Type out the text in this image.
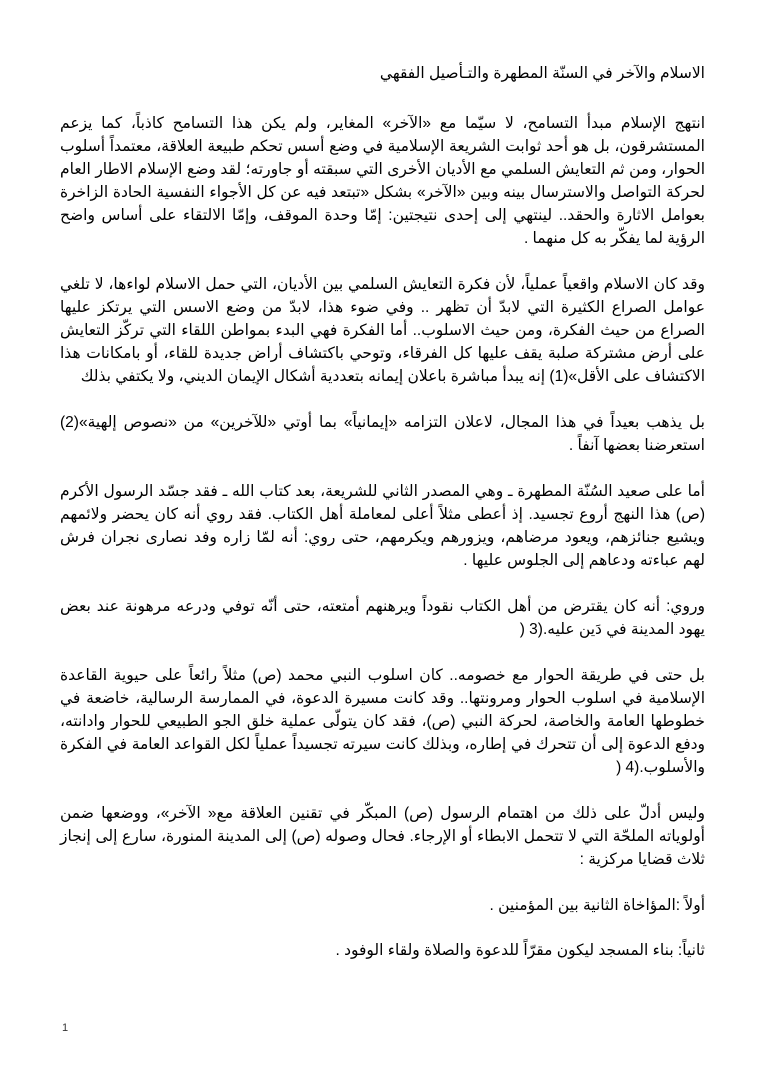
الاسلام والآخر في السنّة المطهرة والتـأصيل الفقهي

انتهج الإسلام مبدأ التسامح، لا سيّما مع «الآخر» المغاير، ولم يكن هذا التسامح كاذباً، كما يزعم المستشرقون، بل هو أحد ثوابت الشريعة الإسلامية في وضع أسس تحكم طبيعة العلاقة، معتمداً أسلوب الحوار، ومن ثم التعايش السلمي مع الأديان الأخرى التي سبقته أو جاورته؛ لقد وضع الإسلام الاطار العام لحركة التواصل والاسترسال بينه وبين «الآخر» بشكل «تبتعد فيه عن كل الأجواء النفسية الحادة الزاخرة بعوامل الاثارة والحقد.. لينتهي إلى إحدى نتيجتين: إمّا وحدة الموقف، وإمّا الالتقاء على أساس واضح الرؤية لما يفكّر به كل منهما .

وقد كان الاسلام واقعياً عملياً، لأن فكرة التعايش السلمي بين الأديان، التي حمل الاسلام لواءها، لا تلغي عوامل الصراع الكثيرة التي لابدّ أن تظهر .. وفي ضوء هذا، لابدّ من وضع الاسس التي يرتكز عليها الصراع من حيث الفكرة، ومن حيث الاسلوب.. أما الفكرة فهي البدء بمواطن اللقاء التي تركّز التعايش على أرض مشتركة صلبة يقف عليها كل الفرقاء، وتوحي باكتشاف أراض جديدة للقاء، أو بامكانات هذا الاكتشاف على الأقل»(1) إنه يبدأ مباشرة باعلان إيمانه بتعددية أشكال الإيمان الديني، ولا يكتفي بذلك

بل يذهب بعيداً في هذا المجال، لاعلان التزامه «إيمانياً» بما أوتي «للآخرين» من «نصوص إلهية»(2) استعرضنا بعضها آنفاً .

أما على صعيد السُنّة المطهرة ـ وهي المصدر الثاني للشريعة، بعد كتاب الله ـ فقد جسّد الرسول الأكرم (ص) هذا النهج أروع تجسيد. إذ أعطى مثلاً أعلى لمعاملة أهل الكتاب. فقد روي أنه كان يحضر ولائمهم ويشيع جنائزهم، ويعود مرضاهم، ويزورهم ويكرمهم، حتى روي: أنه لمّا زاره وفد نصارى نجران فرش لهم عباءته ودعاهم إلى الجلوس عليها .

وروي: أنه كان يقترض من أهل الكتاب نقوداً ويرهنهم أمتعته، حتى أنّه توفي ودرعه مرهونة عند بعض يهود المدينة في دَين عليه.(3 (

بل حتى في طريقة الحوار مع خصومه.. كان اسلوب النبي محمد (ص) مثلاً رائعاً على حيوية القاعدة الإسلامية في اسلوب الحوار ومرونتها.. وقد كانت مسيرة الدعوة، في الممارسة الرسالية، خاضعة في خطوطها العامة والخاصة، لحركة النبي (ص)، فقد كان يتولّى عملية خلق الجو الطبيعي للحوار وادانته، ودفع الدعوة إلى أن تتحرك في إطاره، وبذلك كانت سيرته تجسيداً عملياً لكل القواعد العامة في الفكرة والأسلوب.(4 (

وليس أدلّ على ذلك من اهتمام الرسول (ص) المبكّر في تقنين العلاقة مع« الآخر»، ووضعها ضمن أولوياته الملحّة التي لا تتحمل الابطاء أو الإرجاء. فحال وصوله (ص) إلى المدينة المنورة، سارع إلى إنجاز ثلاث قضايا مركزية :

أولاً :المؤاخاة الثانية بين المؤمنين .

ثانياً: بناء المسجد ليكون مقرّاً للدعوة والصلاة ولقاء الوفود .

1
